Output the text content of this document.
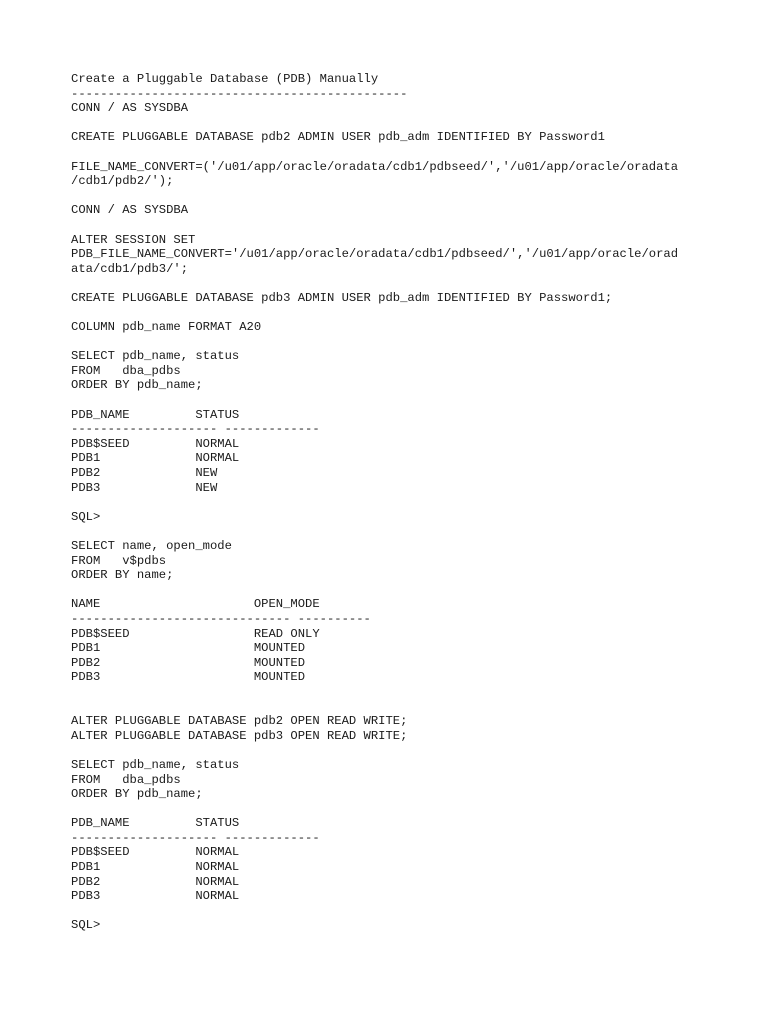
Create a Pluggable Database (PDB) Manually
----------------------------------------------
CONN / AS SYSDBA
CREATE PLUGGABLE DATABASE pdb2 ADMIN USER pdb_adm IDENTIFIED BY Password1
FILE_NAME_CONVERT=('/u01/app/oracle/oradata/cdb1/pdbseed/','/u01/app/oracle/oradata
/cdb1/pdb2/');
CONN / AS SYSDBA
ALTER SESSION SET
PDB_FILE_NAME_CONVERT='/u01/app/oracle/oradata/cdb1/pdbseed/','/u01/app/oracle/orad
ata/cdb1/pdb3/';
CREATE PLUGGABLE DATABASE pdb3 ADMIN USER pdb_adm IDENTIFIED BY Password1;
COLUMN pdb_name FORMAT A20
SELECT pdb_name, status
FROM   dba_pdbs
ORDER BY pdb_name;
PDB_NAME         STATUS
-------------------- -------------
PDB$SEED         NORMAL
PDB1             NORMAL
PDB2             NEW
PDB3             NEW
SQL>
SELECT name, open_mode
FROM   v$pdbs
ORDER BY name;
NAME                     OPEN_MODE
------------------------------ ----------
PDB$SEED                 READ ONLY
PDB1                     MOUNTED
PDB2                     MOUNTED
PDB3                     MOUNTED
ALTER PLUGGABLE DATABASE pdb2 OPEN READ WRITE;
ALTER PLUGGABLE DATABASE pdb3 OPEN READ WRITE;
SELECT pdb_name, status
FROM   dba_pdbs
ORDER BY pdb_name;
PDB_NAME         STATUS
-------------------- -------------
PDB$SEED         NORMAL
PDB1             NORMAL
PDB2             NORMAL
PDB3             NORMAL
SQL>
